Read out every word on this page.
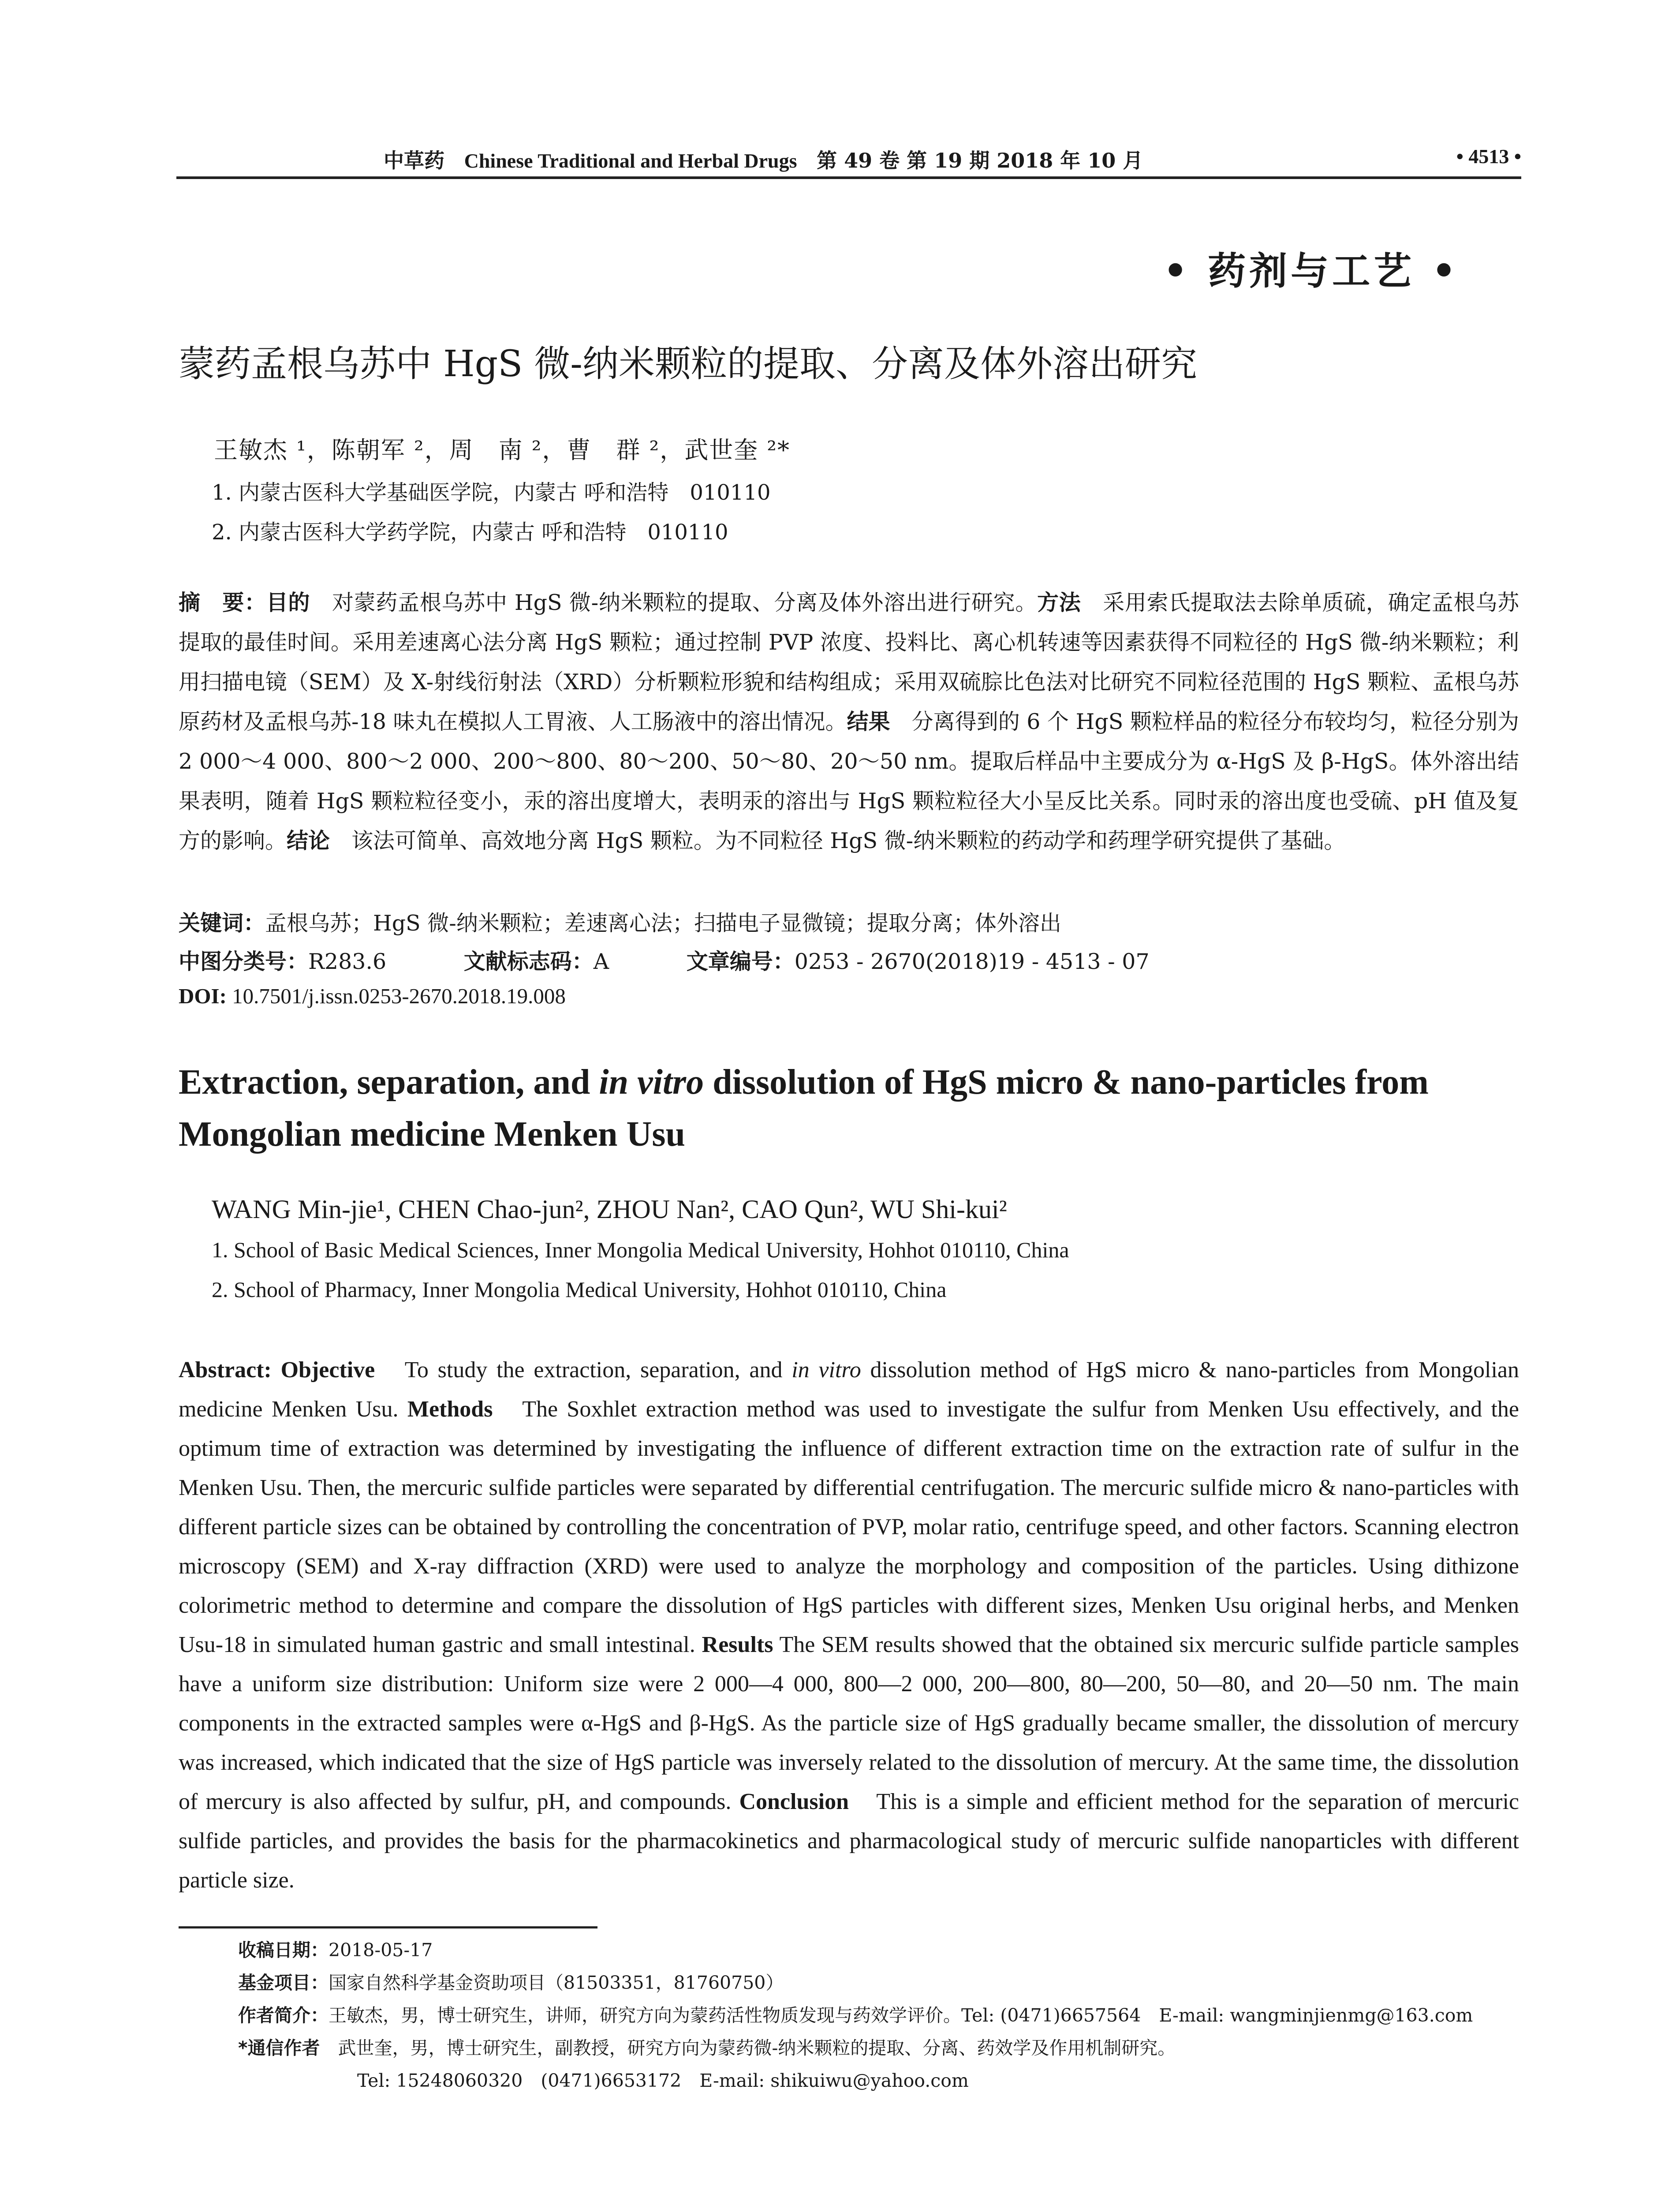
中草药 Chinese Traditional and Herbal Drugs 第 49 卷 第 19 期 2018 年 10 月	• 4513 •
• 药剂与工艺 •
蒙药孟根乌苏中 HgS 微-纳米颗粒的提取、分离及体外溶出研究
王敏杰 ¹，陈朝军 ²，周　南 ²，曹　群 ²，武世奎 ²*
1. 内蒙古医科大学基础医学院，内蒙古 呼和浩特　010110
2. 内蒙古医科大学药学院，内蒙古 呼和浩特　010110
摘　要：目的　对蒙药孟根乌苏中 HgS 微-纳米颗粒的提取、分离及体外溶出进行研究。方法　采用索氏提取法去除单质硫，确定孟根乌苏提取的最佳时间。采用差速离心法分离 HgS 颗粒；通过控制 PVP 浓度、投料比、离心机转速等因素获得不同粒径的 HgS 微-纳米颗粒；利用扫描电镜（SEM）及 X-射线衍射法（XRD）分析颗粒形貌和结构组成；采用双硫腙比色法对比研究不同粒径范围的 HgS 颗粒、孟根乌苏原药材及孟根乌苏-18 味丸在模拟人工胃液、人工肠液中的溶出情况。结果　分离得到的 6 个 HgS 颗粒样品的粒径分布较均匀，粒径分别为 2 000～4 000、800～2 000、200～800、80～200、50～80、20～50 nm。提取后样品中主要成分为 α-HgS 及 β-HgS。体外溶出结果表明，随着 HgS 颗粒粒径变小，汞的溶出度增大，表明汞的溶出与 HgS 颗粒粒径大小呈反比关系。同时汞的溶出度也受硫、pH 值及复方的影响。结论　该法可简单、高效地分离 HgS 颗粒。为不同粒径 HgS 微-纳米颗粒的药动学和药理学研究提供了基础。
关键词：孟根乌苏；HgS 微-纳米颗粒；差速离心法；扫描电子显微镜；提取分离；体外溶出
中图分类号：R283.6	文献标志码：A	文章编号：0253 - 2670(2018)19 - 4513 - 07
DOI: 10.7501/j.issn.0253-2670.2018.19.008
Extraction, separation, and in vitro dissolution of HgS micro & nano-particles from Mongolian medicine Menken Usu
WANG Min-jie¹, CHEN Chao-jun², ZHOU Nan², CAO Qun², WU Shi-kui²
1. School of Basic Medical Sciences, Inner Mongolia Medical University, Hohhot 010110, China
2. School of Pharmacy, Inner Mongolia Medical University, Hohhot 010110, China
Abstract: Objective　To study the extraction, separation, and in vitro dissolution method of HgS micro & nano-particles from Mongolian medicine Menken Usu. Methods　The Soxhlet extraction method was used to investigate the sulfur from Menken Usu effectively, and the optimum time of extraction was determined by investigating the influence of different extraction time on the extraction rate of sulfur in the Menken Usu. Then, the mercuric sulfide particles were separated by differential centrifugation. The mercuric sulfide micro & nano-particles with different particle sizes can be obtained by controlling the concentration of PVP, molar ratio, centrifuge speed, and other factors. Scanning electron microscopy (SEM) and X-ray diffraction (XRD) were used to analyze the morphology and composition of the particles. Using dithizone colorimetric method to determine and compare the dissolution of HgS particles with different sizes, Menken Usu original herbs, and Menken Usu-18 in simulated human gastric and small intestinal. Results The SEM results showed that the obtained six mercuric sulfide particle samples have a uniform size distribution: Uniform size were 2 000—4 000, 800—2 000, 200—800, 80—200, 50—80, and 20—50 nm. The main components in the extracted samples were α-HgS and β-HgS. As the particle size of HgS gradually became smaller, the dissolution of mercury was increased, which indicated that the size of HgS particle was inversely related to the dissolution of mercury. At the same time, the dissolution of mercury is also affected by sulfur, pH, and compounds. Conclusion　This is a simple and efficient method for the separation of mercuric sulfide particles, and provides the basis for the pharmacokinetics and pharmacological study of mercuric sulfide nanoparticles with different particle size.
收稿日期：2018-05-17
基金项目：国家自然科学基金资助项目（81503351，81760750）
作者简介：王敏杰，男，博士研究生，讲师，研究方向为蒙药活性物质发现与药效学评价。Tel: (0471)6657564　E-mail: wangminjienmg@163.com
*通信作者　武世奎，男，博士研究生，副教授，研究方向为蒙药微-纳米颗粒的提取、分离、药效学及作用机制研究。
Tel: 15248060320　(0471)6653172　E-mail: shikuiwu@yahoo.com
